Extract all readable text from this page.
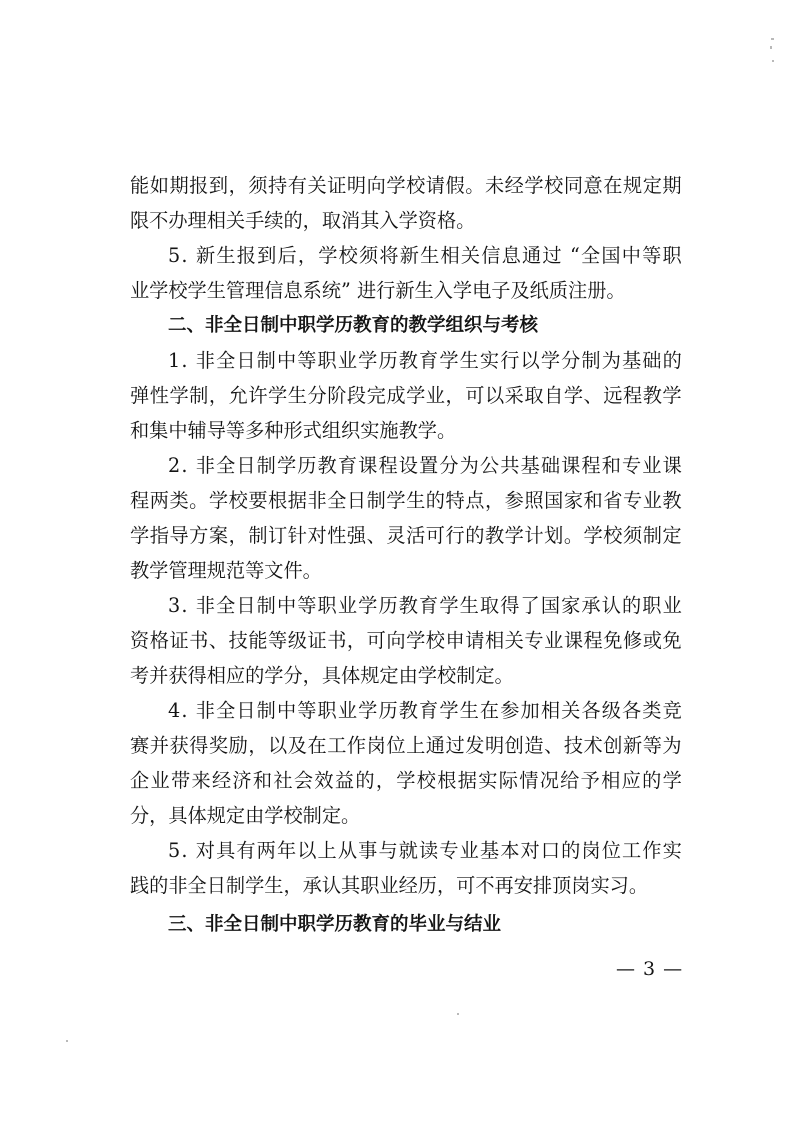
能 如 期 报 到 ， 须 持 有 关 证 明 向 学 校 请 假 。 未 经 学 校 同 意 在 规 定 期
限不办理相关手续的，取消其入学资格。
5 .
新 生 报 到 后 ， 学 校 须 将 新 生 相 关 信 息 通 过
“ 全 国 中 等 职
业学校学生管理信息系统” 进行新生入学电子及纸质注册。
二、非全日制中职学历教育的教学组织与考核
1 .
非 全 日 制 中 等 职 业 学 历 教 育 学 生 实 行 以 学 分 制 为 基 础 的
弹 性 学 制 ， 允 许 学 生 分 阶 段 完 成 学 业 ， 可 以 采 取 自 学 、 远 程 教 学
和集中辅导等多种形式组织实施教学。
2 .
非 全 日 制 学 历 教 育 课 程 设 置 分 为 公 共 基 础 课 程 和 专 业 课
程 两 类 。 学 校 要 根 据 非 全 日 制 学 生 的 特 点 ， 参 照 国 家 和 省 专 业 教
学 指 导 方 案 ， 制 订 针 对 性 强 、 灵 活 可 行 的 教 学 计 划 。 学 校 须 制 定
教学管理规范等文件。
3 .
非 全 日 制 中 等 职 业 学 历 教 育 学 生 取 得 了 国 家 承 认 的 职 业
资 格 证 书 、 技 能 等 级 证 书 ， 可 向 学 校 申 请 相 关 专 业 课 程 免 修 或 免
考并获得相应的学分，具体规定由学校制定。
4 .
非 全 日 制 中 等 职 业 学 历 教 育 学 生 在 参 加 相 关 各 级 各 类 竞
赛 并 获 得 奖 励 ， 以 及 在 工 作 岗 位 上 通 过 发 明 创 造 、 技 术 创 新 等 为
企 业 带 来 经 济 和 社 会 效 益 的 ， 学 校 根 据 实 际 情 况 给 予 相 应 的 学
分，具体规定由学校制定。
5 .
对 具 有 两 年 以 上 从 事 与 就 读 专 业 基 本 对 口 的 岗 位 工 作 实
践的非全日制学生，承认其职业经历，可不再安排顶岗实习。
三、非全日制中职学历教育的毕业与结业
— 3 —
